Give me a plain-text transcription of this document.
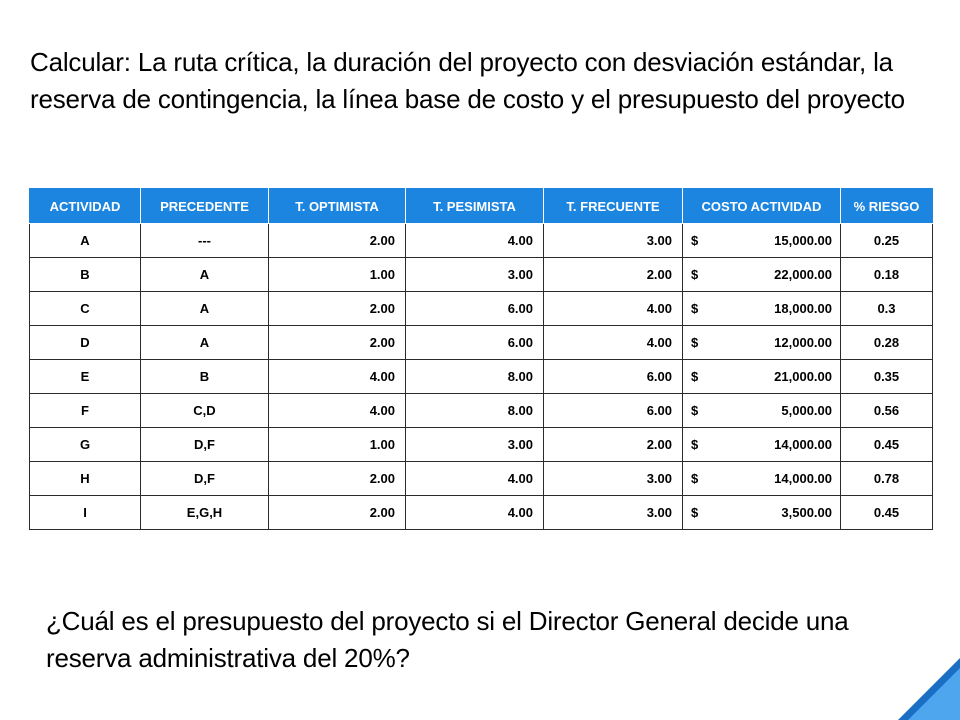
Calcular: La ruta crítica, la duración del proyecto con desviación estándar, la reserva de contingencia, la línea base de costo y el presupuesto del proyecto
ACTIVIDAD	PRECEDENTE	T. OPTIMISTA	T. PESIMISTA	T. FRECUENTE	COSTO ACTIVIDAD	% RIESGO
A	---	2.00	4.00	3.00	$ 15,000.00	0.25
B	A	1.00	3.00	2.00	$ 22,000.00	0.18
C	A	2.00	6.00	4.00	$ 18,000.00	0.3
D	A	2.00	6.00	4.00	$ 12,000.00	0.28
E	B	4.00	8.00	6.00	$ 21,000.00	0.35
F	C,D	4.00	8.00	6.00	$ 5,000.00	0.56
G	D,F	1.00	3.00	2.00	$ 14,000.00	0.45
H	D,F	2.00	4.00	3.00	$ 14,000.00	0.78
I	E,G,H	2.00	4.00	3.00	$ 3,500.00	0.45
¿Cuál es el presupuesto del proyecto si el Director General decide una reserva administrativa del 20%?
